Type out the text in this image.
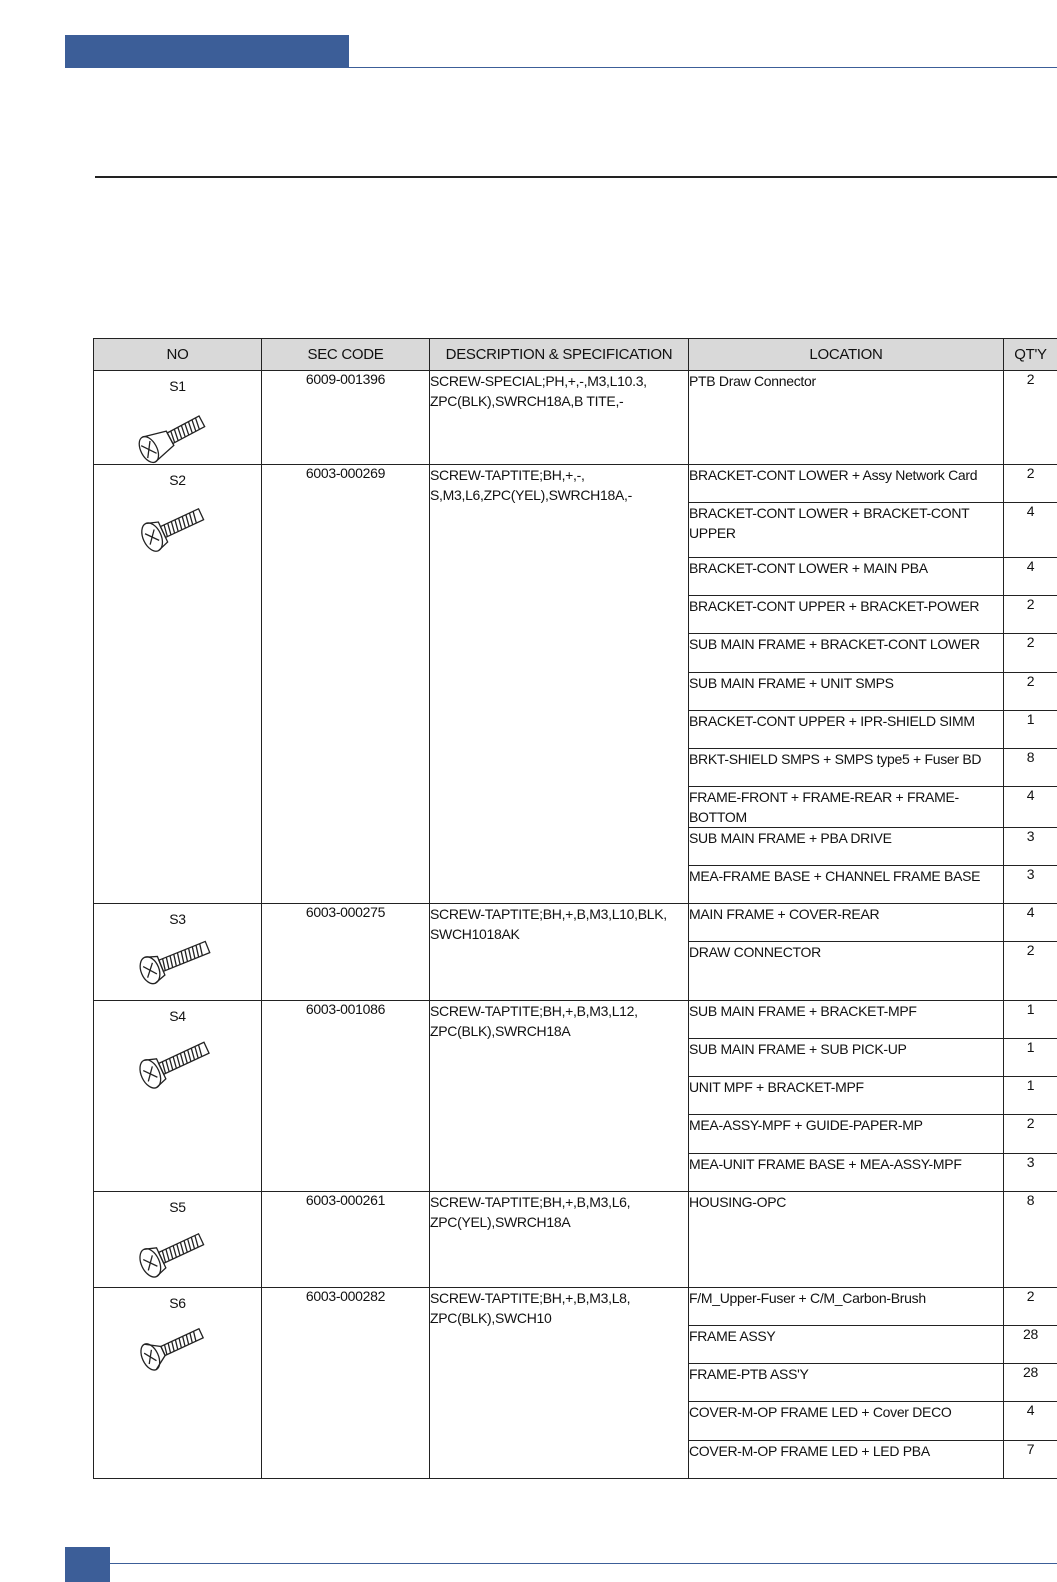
NO	SEC CODE	DESCRIPTION & SPECIFICATION	LOCATION	QT'Y

S1	6009-001396	SCREW-SPECIAL;PH,+,-,M3,L10.3, ZPC(BLK),SWRCH18A,B TITE,-	PTB Draw Connector	2

S2	6003-000269	SCREW-TAPTITE;BH,+,-, S,M3,L6,ZPC(YEL),SWRCH18A,-	BRACKET-CONT LOWER + Assy Network Card	2
			BRACKET-CONT LOWER + BRACKET-CONT UPPER	4
			BRACKET-CONT LOWER + MAIN PBA	4
			BRACKET-CONT UPPER + BRACKET-POWER	2
			SUB MAIN FRAME + BRACKET-CONT LOWER	2
			SUB MAIN FRAME + UNIT SMPS	2
			BRACKET-CONT UPPER + IPR-SHIELD SIMM	1
			BRKT-SHIELD SMPS + SMPS type5 + Fuser BD	8
			FRAME-FRONT + FRAME-REAR + FRAME-BOTTOM	4
			SUB MAIN FRAME + PBA DRIVE	3
			MEA-FRAME BASE + CHANNEL FRAME BASE	3

S3	6003-000275	SCREW-TAPTITE;BH,+,B,M3,L10,BLK, SWCH1018AK	MAIN FRAME + COVER-REAR	4
			DRAW CONNECTOR	2

S4	6003-001086	SCREW-TAPTITE;BH,+,B,M3,L12, ZPC(BLK),SWRCH18A	SUB MAIN FRAME + BRACKET-MPF	1
			SUB MAIN FRAME + SUB PICK-UP	1
			UNIT MPF + BRACKET-MPF	1
			MEA-ASSY-MPF + GUIDE-PAPER-MP	2
			MEA-UNIT FRAME BASE + MEA-ASSY-MPF	3

S5	6003-000261	SCREW-TAPTITE;BH,+,B,M3,L6, ZPC(YEL),SWRCH18A	HOUSING-OPC	8

S6	6003-000282	SCREW-TAPTITE;BH,+,B,M3,L8, ZPC(BLK),SWCH10	F/M_Upper-Fuser + C/M_Carbon-Brush	2
			FRAME ASSY	28
			FRAME-PTB ASS'Y	28
			COVER-M-OP FRAME LED + Cover DECO	4
			COVER-M-OP FRAME LED + LED PBA	7
